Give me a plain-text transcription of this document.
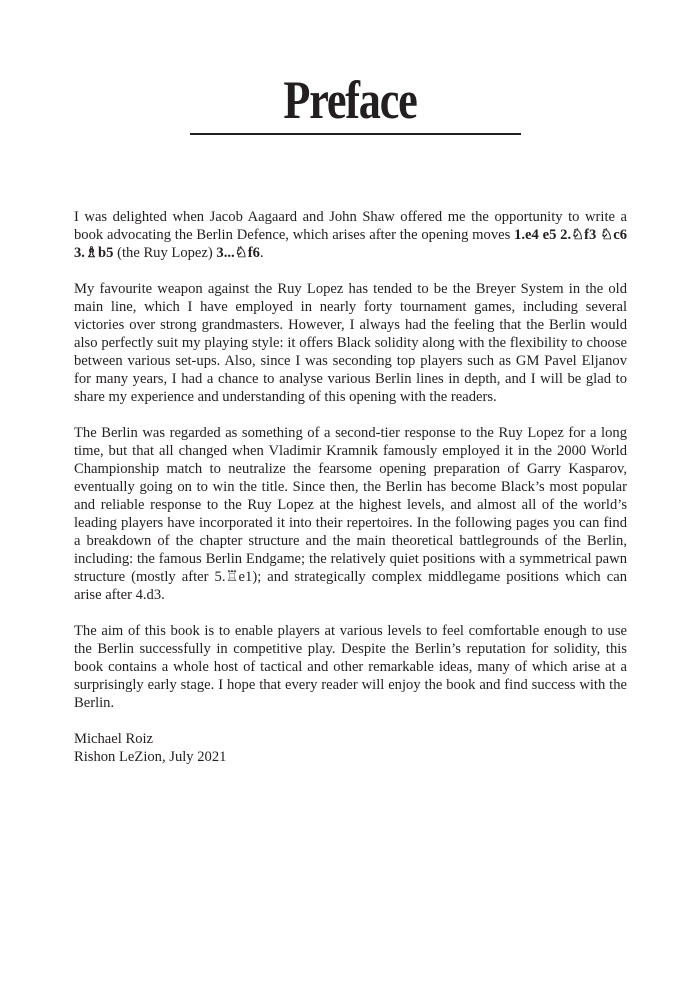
Preface

I was delighted when Jacob Aagaard and John Shaw offered me the opportunity to write a book advocating the Berlin Defence, which arises after the opening moves 1.e4 e5 2.♘f3 ♘c6 3.♗b5 (the Ruy Lopez) 3...♘f6.

My favourite weapon against the Ruy Lopez has tended to be the Breyer System in the old main line, which I have employed in nearly forty tournament games, including several victories over strong grandmasters. However, I always had the feeling that the Berlin would also perfectly suit my playing style: it offers Black solidity along with the flexibility to choose between various set-ups. Also, since I was seconding top players such as GM Pavel Eljanov for many years, I had a chance to analyse various Berlin lines in depth, and I will be glad to share my experience and understanding of this opening with the readers.

The Berlin was regarded as something of a second-tier response to the Ruy Lopez for a long time, but that all changed when Vladimir Kramnik famously employed it in the 2000 World Championship match to neutralize the fearsome opening preparation of Garry Kasparov, eventually going on to win the title. Since then, the Berlin has become Black’s most popular and reliable response to the Ruy Lopez at the highest levels, and almost all of the world’s leading players have incorporated it into their repertoires. In the following pages you can find a breakdown of the chapter structure and the main theoretical battlegrounds of the Berlin, including: the famous Berlin Endgame; the relatively quiet positions with a symmetrical pawn structure (mostly after 5.♖e1); and strategically complex middlegame positions which can arise after 4.d3.

The aim of this book is to enable players at various levels to feel comfortable enough to use the Berlin successfully in competitive play. Despite the Berlin’s reputation for solidity, this book contains a whole host of tactical and other remarkable ideas, many of which arise at a surprisingly early stage. I hope that every reader will enjoy the book and find success with the Berlin.

Michael Roiz

Rishon LeZion, July 2021
